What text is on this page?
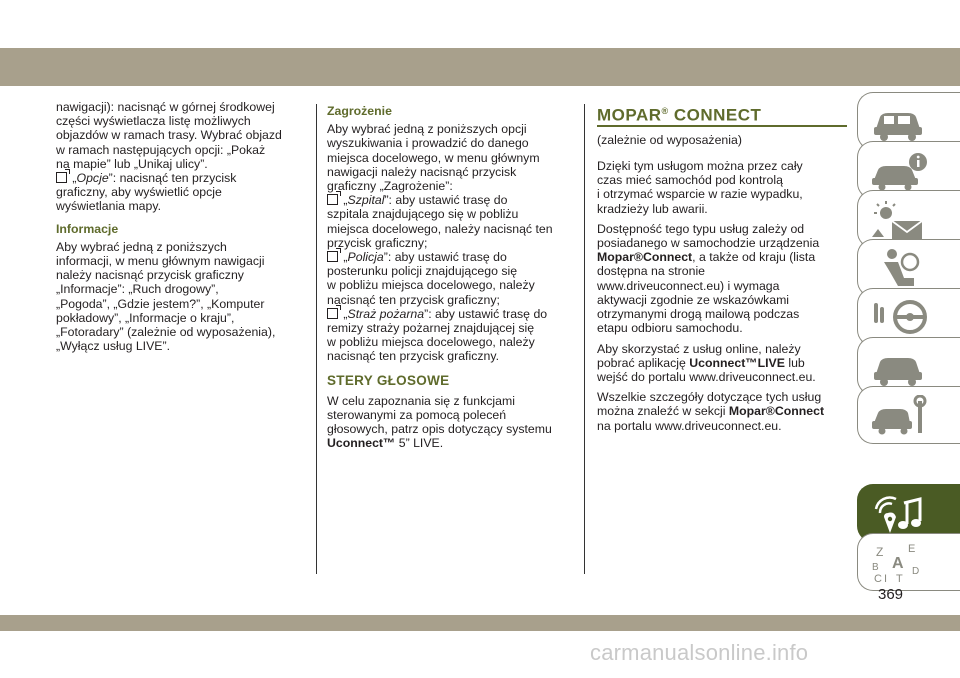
nawigacji): nacisnąć w górnej środkowej
części wyświetlacza listę możliwych
objazdów w ramach trasy. Wybrać objazd
w ramach następujących opcji: „Pokaż
na mapie” lub „Unikaj ulicy”.
„Opcje”: nacisnąć ten przycisk
graficzny, aby wyświetlić opcje
wyświetlania mapy.

Informacje

Aby wybrać jedną z poniższych
informacji, w menu głównym nawigacji
należy nacisnąć przycisk graficzny
„Informacje”: „Ruch drogowy”,
„Pogoda”, „Gdzie jestem?”, „Komputer
pokładowy”, „Informacje o kraju”,
„Fotoradary” (zależnie od wyposażenia),
„Wyłącz usług LIVE”.

Zagrożenie

Aby wybrać jedną z poniższych opcji
wyszukiwania i prowadzić do danego
miejsca docelowego, w menu głównym
nawigacji należy nacisnąć przycisk
graficzny „Zagrożenie”:
„Szpital”: aby ustawić trasę do
szpitala znajdującego się w pobliżu
miejsca docelowego, należy nacisnąć ten
przycisk graficzny;
„Policja”: aby ustawić trasę do
posterunku policji znajdującego się
w pobliżu miejsca docelowego, należy
nacisnąć ten przycisk graficzny;
„Straż pożarna”: aby ustawić trasę do
remizy straży pożarnej znajdującej się
w pobliżu miejsca docelowego, należy
nacisnąć ten przycisk graficzny.

STERY GŁOSOWE

W celu zapoznania się z funkcjami
sterowanymi za pomocą poleceń
głosowych, patrz opis dotyczący systemu
Uconnect™ 5” LIVE.

MOPAR® CONNECT

(zależnie od wyposażenia)

Dzięki tym usługom można przez cały
czas mieć samochód pod kontrolą
i otrzymać wsparcie w razie wypadku,
kradzieży lub awarii.

Dostępność tego typu usług zależy od
posiadanego w samochodzie urządzenia
Mopar®Connect, a także od kraju (lista
dostępna na stronie
www.driveuconnect.eu) i wymaga
aktywacji zgodnie ze wskazówkami
otrzymanymi drogą mailową podczas
etapu odbioru samochodu.

Aby skorzystać z usług online, należy
pobrać aplikację Uconnect™LIVE lub
wejść do portalu www.driveuconnect.eu.

Wszelkie szczegóły dotyczące tych usług
można znaleźć w sekcji Mopar®Connect
na portalu www.driveuconnect.eu.

Z E
B A
C
D
I T
369
carmanualsonline.info
